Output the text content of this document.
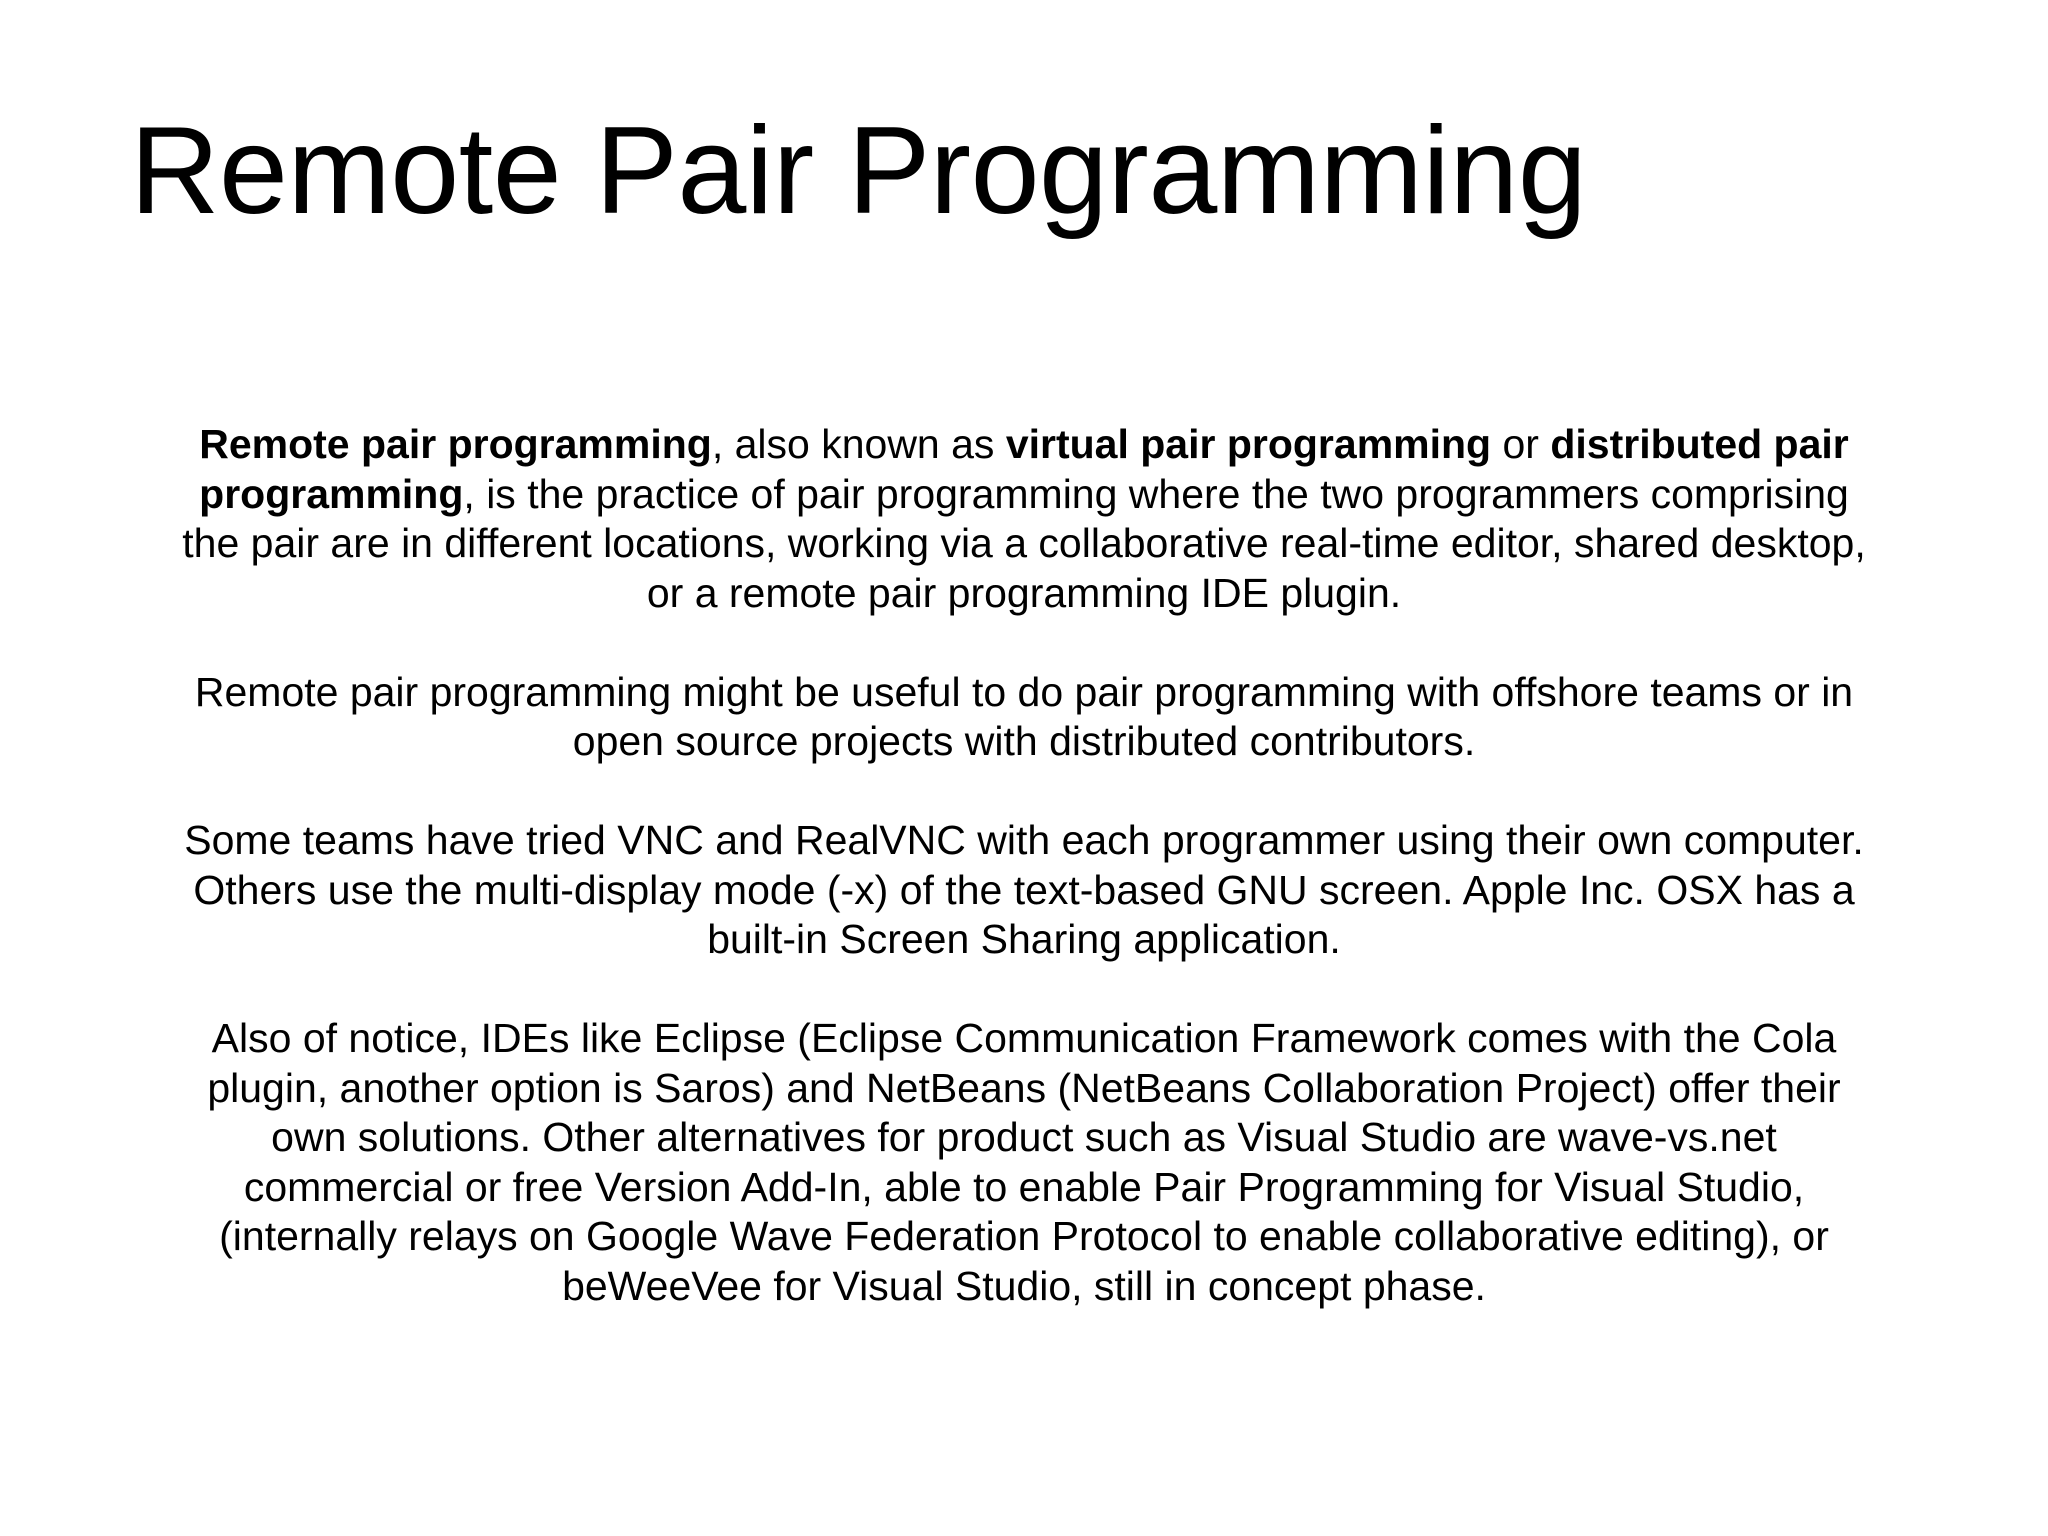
Remote Pair Programming

Remote pair programming, also known as virtual pair programming or distributed pair programming, is the practice of pair programming where the two programmers comprising the pair are in different locations, working via a collaborative real-time editor, shared desktop, or a remote pair programming IDE plugin.

Remote pair programming might be useful to do pair programming with offshore teams or in open source projects with distributed contributors.

Some teams have tried VNC and RealVNC with each programmer using their own computer. Others use the multi-display mode (-x) of the text-based GNU screen. Apple Inc. OSX has a built-in Screen Sharing application.

Also of notice, IDEs like Eclipse (Eclipse Communication Framework comes with the Cola plugin, another option is Saros) and NetBeans (NetBeans Collaboration Project) offer their own solutions. Other alternatives for product such as Visual Studio are wave-vs.net commercial or free Version Add-In, able to enable Pair Programming for Visual Studio, (internally relays on Google Wave Federation Protocol to enable collaborative editing), or beWeeVee for Visual Studio, still in concept phase.
